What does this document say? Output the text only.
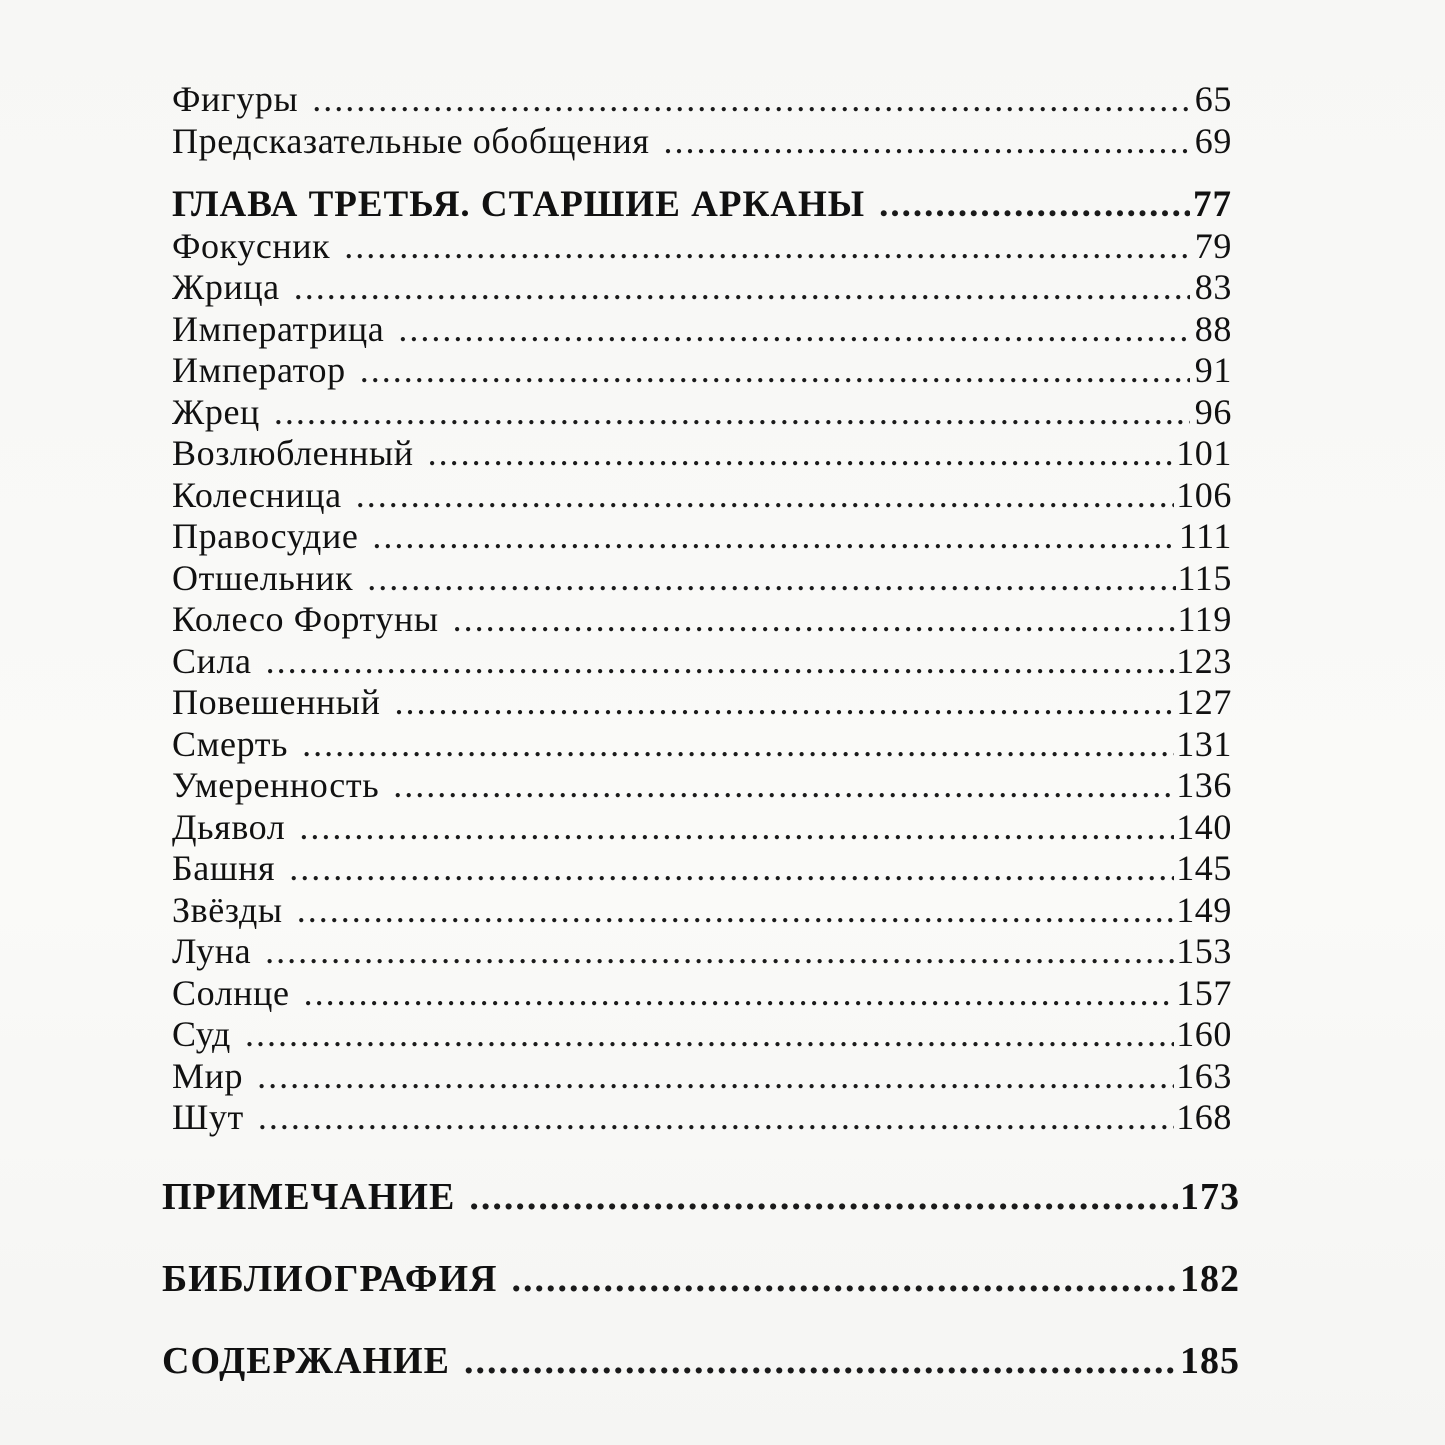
Фигуры .....	65
Предсказательные обобщения .....	69
ГЛАВА ТРЕТЬЯ. СТАРШИЕ АРКАНЫ .....	77
Фокусник .....	79
Жрица .....	83
Императрица .....	88
Император .....	91
Жрец .....	96
Возлюбленный .....	101
Колесница .....	106
Правосудие .....	111
Отшельник .....	115
Колесо Фортуны .....	119
Сила .....	123
Повешенный .....	127
Смерть .....	131
Умеренность .....	136
Дьявол .....	140
Башня .....	145
Звёзды .....	149
Луна .....	153
Солнце .....	157
Суд .....	160
Мир .....	163
Шут .....	168
ПРИМЕЧАНИЕ .....	173
БИБЛИОГРАФИЯ .....	182
СОДЕРЖАНИЕ .....	185
